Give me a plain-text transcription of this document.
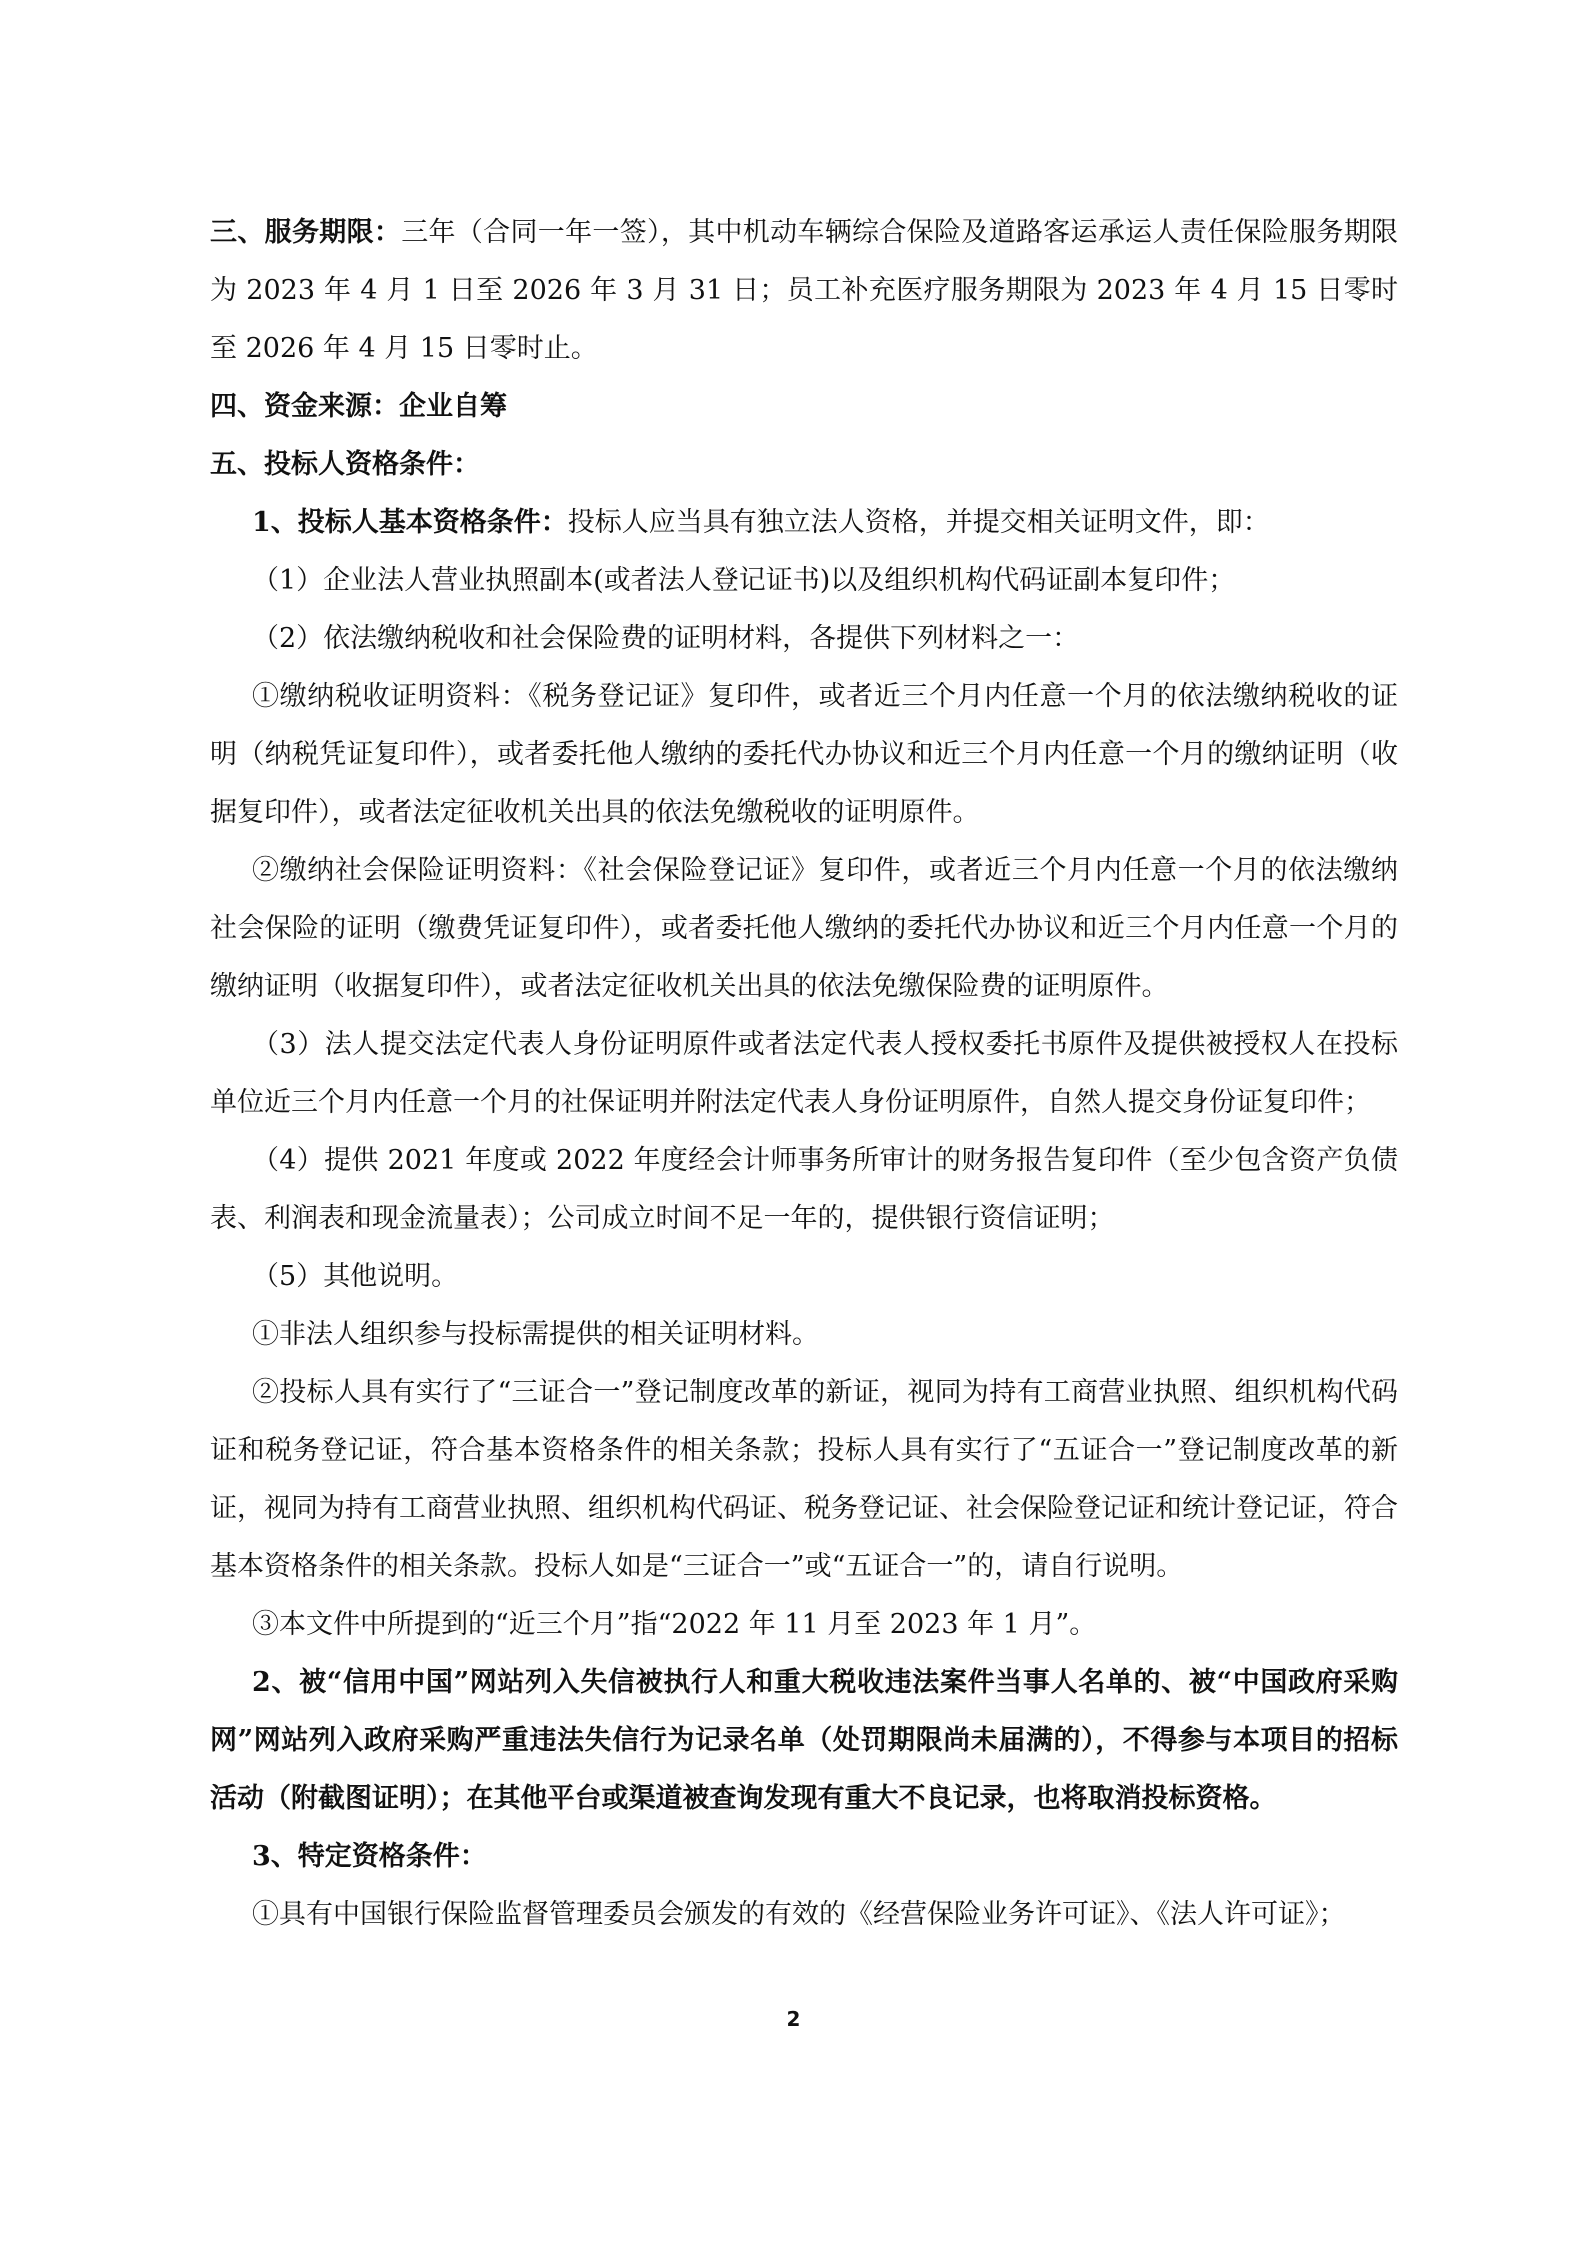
三、服务期限：三年（合同一年一签），其中机动车辆综合保险及道路客运承运人责任保险服务期限为 2023 年 4 月 1 日至 2026 年 3 月 31 日；员工补充医疗服务期限为 2023 年 4 月 15 日零时至 2026 年 4 月 15 日零时止。

四、资金来源：企业自筹

五、投标人资格条件：

1、投标人基本资格条件：投标人应当具有独立法人资格，并提交相关证明文件，即：

（1）企业法人营业执照副本(或者法人登记证书)以及组织机构代码证副本复印件；

（2）依法缴纳税收和社会保险费的证明材料，各提供下列材料之一：

①缴纳税收证明资料：《税务登记证》复印件，或者近三个月内任意一个月的依法缴纳税收的证明（纳税凭证复印件），或者委托他人缴纳的委托代办协议和近三个月内任意一个月的缴纳证明（收据复印件），或者法定征收机关出具的依法免缴税收的证明原件。

②缴纳社会保险证明资料：《社会保险登记证》复印件，或者近三个月内任意一个月的依法缴纳社会保险的证明（缴费凭证复印件），或者委托他人缴纳的委托代办协议和近三个月内任意一个月的缴纳证明（收据复印件），或者法定征收机关出具的依法免缴保险费的证明原件。

（3）法人提交法定代表人身份证明原件或者法定代表人授权委托书原件及提供被授权人在投标单位近三个月内任意一个月的社保证明并附法定代表人身份证明原件，自然人提交身份证复印件；

（4）提供 2021 年度或 2022 年度经会计师事务所审计的财务报告复印件（至少包含资产负债表、利润表和现金流量表）；公司成立时间不足一年的，提供银行资信证明；

（5）其他说明。

①非法人组织参与投标需提供的相关证明材料。

②投标人具有实行了“三证合一”登记制度改革的新证，视同为持有工商营业执照、组织机构代码证和税务登记证，符合基本资格条件的相关条款；投标人具有实行了“五证合一”登记制度改革的新证，视同为持有工商营业执照、组织机构代码证、税务登记证、社会保险登记证和统计登记证，符合基本资格条件的相关条款。投标人如是“三证合一”或“五证合一”的，请自行说明。

③本文件中所提到的“近三个月”指“2022 年 11 月至 2023 年 1 月”。

2、被“信用中国”网站列入失信被执行人和重大税收违法案件当事人名单的、被“中国政府采购网”网站列入政府采购严重违法失信行为记录名单（处罚期限尚未届满的），不得参与本项目的招标活动（附截图证明）；在其他平台或渠道被查询发现有重大不良记录，也将取消投标资格。

3、特定资格条件：

①具有中国银行保险监督管理委员会颁发的有效的《经营保险业务许可证》、《法人许可证》；

2
